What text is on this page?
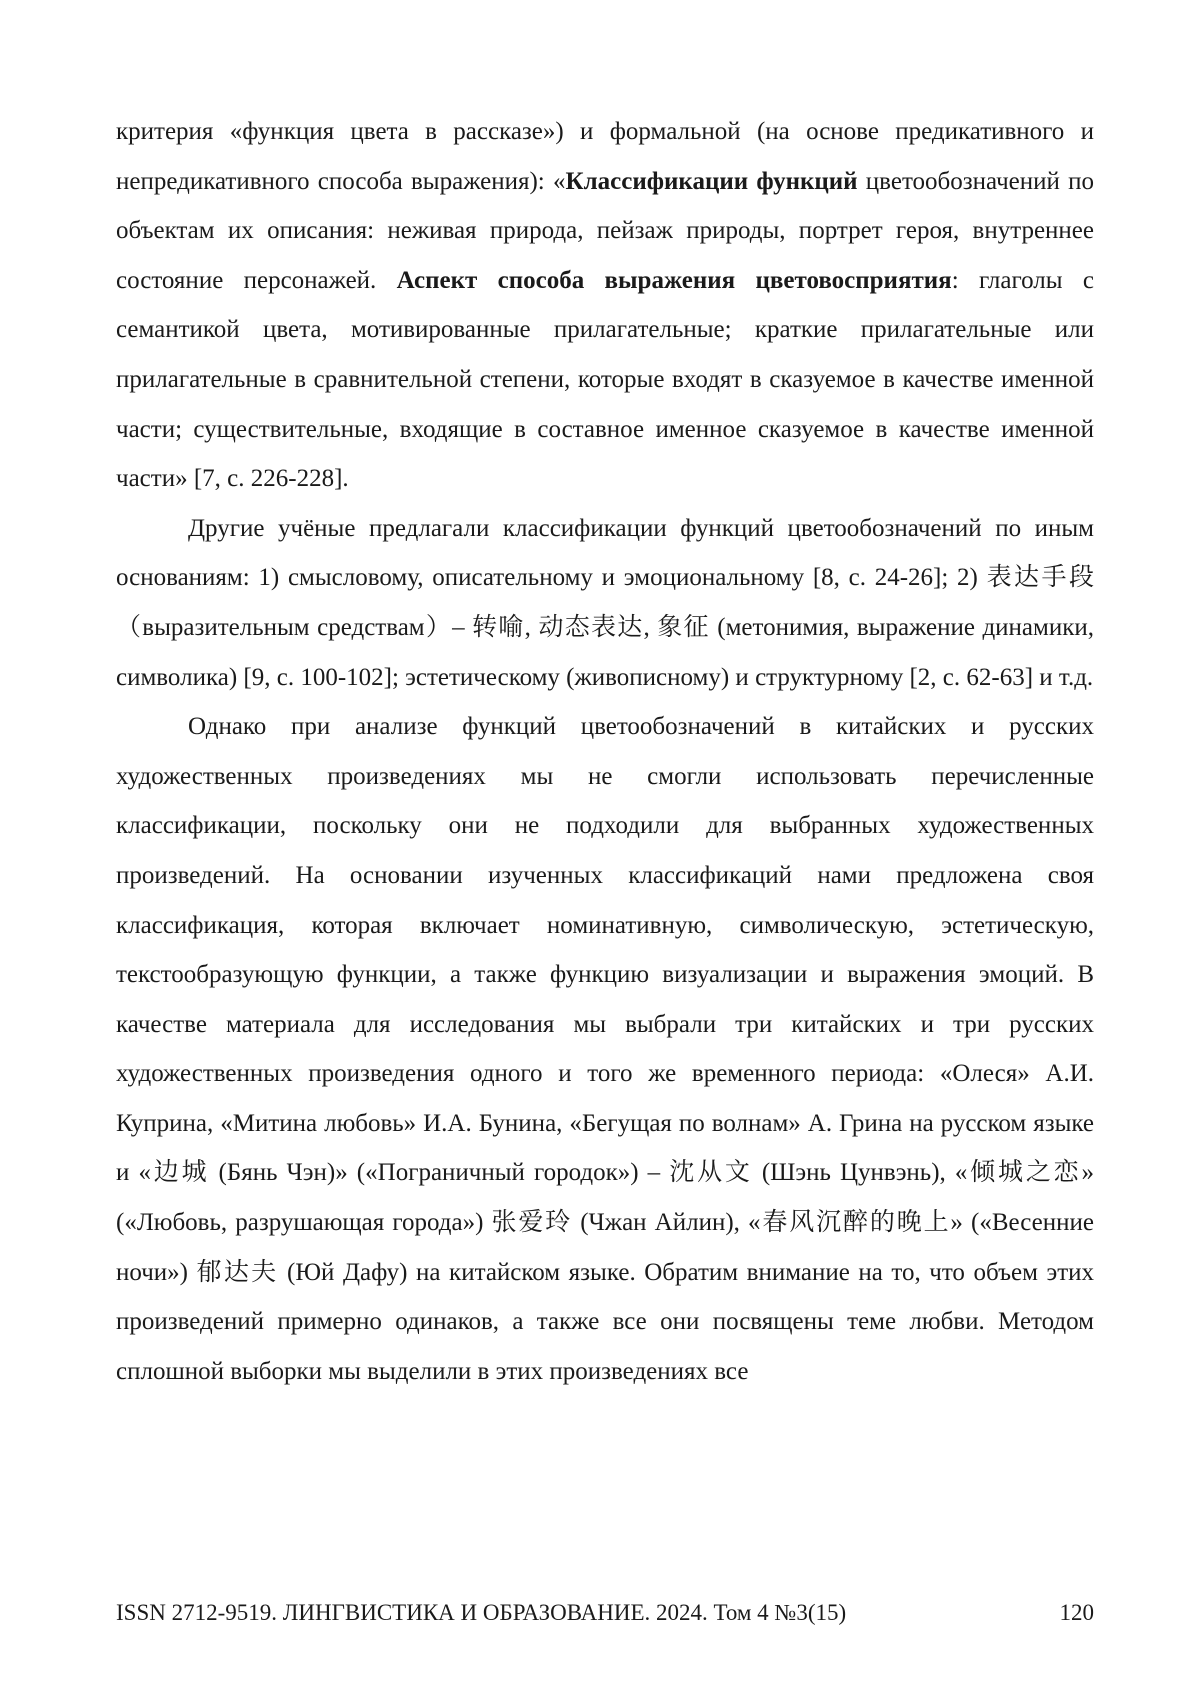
критерия «функция цвета в рассказе») и формальной (на основе предикативного и непредикативного способа выражения): «Классификации функций цветообозначений по объектам их описания: неживая природа, пейзаж природы, портрет героя, внутреннее состояние персонажей. Аспект способа выражения цветовосприятия: глаголы с семантикой цвета, мотивированные прилагательные; краткие прилагательные или прилагательные в сравнительной степени, которые входят в сказуемое в качестве именной части; существительные, входящие в составное именное сказуемое в качестве именной части» [7, с. 226-228].

Другие учёные предлагали классификации функций цветообозначений по иным основаниям: 1) смысловому, описательному и эмоциональному [8, с. 24-26]; 2) 表达手段（выразительным средствам）– 转喻, 动态表达, 象征 (метонимия, выражение динамики, символика) [9, с. 100-102]; эстетическому (живописному) и структурному [2, с. 62-63] и т.д.

Однако при анализе функций цветообозначений в китайских и русских художественных произведениях мы не смогли использовать перечисленные классификации, поскольку они не подходили для выбранных художественных произведений. На основании изученных классификаций нами предложена своя классификация, которая включает номинативную, символическую, эстетическую, текстообразующую функции, а также функцию визуализации и выражения эмоций. В качестве материала для исследования мы выбрали три китайских и три русских художественных произведения одного и того же временного периода: «Олеся» А.И. Куприна, «Митина любовь» И.А. Бунина, «Бегущая по волнам» А. Грина на русском языке и «边城 (Бянь Чэн)» («Пограничный городок») – 沈从文 (Шэнь Цунвэнь), «倾城之恋» («Любовь, разрушающая города») 张爱玲 (Чжан Айлин), «春风沉醉的晚上» («Весенние ночи») 郁达夫 (Юй Дафу) на китайском языке. Обратим внимание на то, что объем этих произведений примерно одинаков, а также все они посвящены теме любви. Методом сплошной выборки мы выделили в этих произведениях все

ISSN 2712-9519. ЛИНГВИСТИКА И ОБРАЗОВАНИЕ. 2024. Том 4 №3(15)	120
